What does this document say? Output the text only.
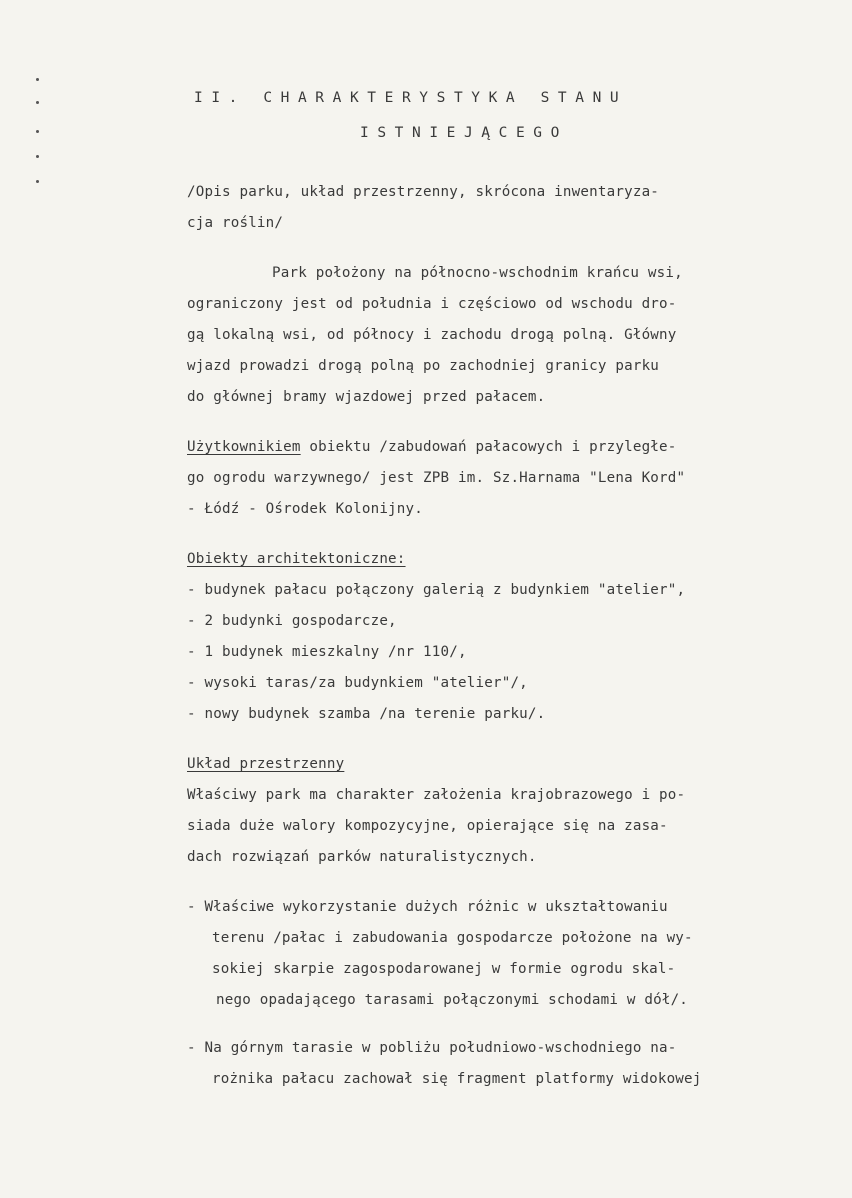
II. CHARAKTERYSTYKA STANU
ISTNIEJĄCEGO
/Opis parku, układ przestrzenny, skrócona inwentaryza-
cja roślin/
Park położony na północno-wschodnim krańcu wsi,
ograniczony jest od południa i częściowo od wschodu dro-
gą lokalną wsi, od północy i zachodu drogą polną. Główny
wjazd prowadzi drogą polną po zachodniej granicy parku
do głównej bramy wjazdowej przed pałacem.
Użytkownikiem obiektu /zabudowań pałacowych i przyległe-
go ogrodu warzywnego/ jest ZPB im. Sz.Harnama "Lena Kord"
- Łódź - Ośrodek Kolonijny.
Obiekty architektoniczne:
- budynek pałacu połączony galerią z budynkiem "atelier",
- 2 budynki gospodarcze,
- 1 budynek mieszkalny /nr 110/,
- wysoki taras/za budynkiem "atelier"/,
- nowy budynek szamba /na terenie parku/.
Układ przestrzenny
Właściwy park ma charakter założenia krajobrazowego i po-
siada duże walory kompozycyjne, opierające się na zasa-
dach rozwiązań parków naturalistycznych.
- Właściwe wykorzystanie dużych różnic w ukształtowaniu
terenu /pałac i zabudowania gospodarcze położone na wy-
sokiej skarpie zagospodarowanej w formie ogrodu skal-
nego opadającego tarasami połączonymi schodami w dół/.
- Na górnym tarasie w pobliżu południowo-wschodniego na-
rożnika pałacu zachował się fragment platformy widokowej
